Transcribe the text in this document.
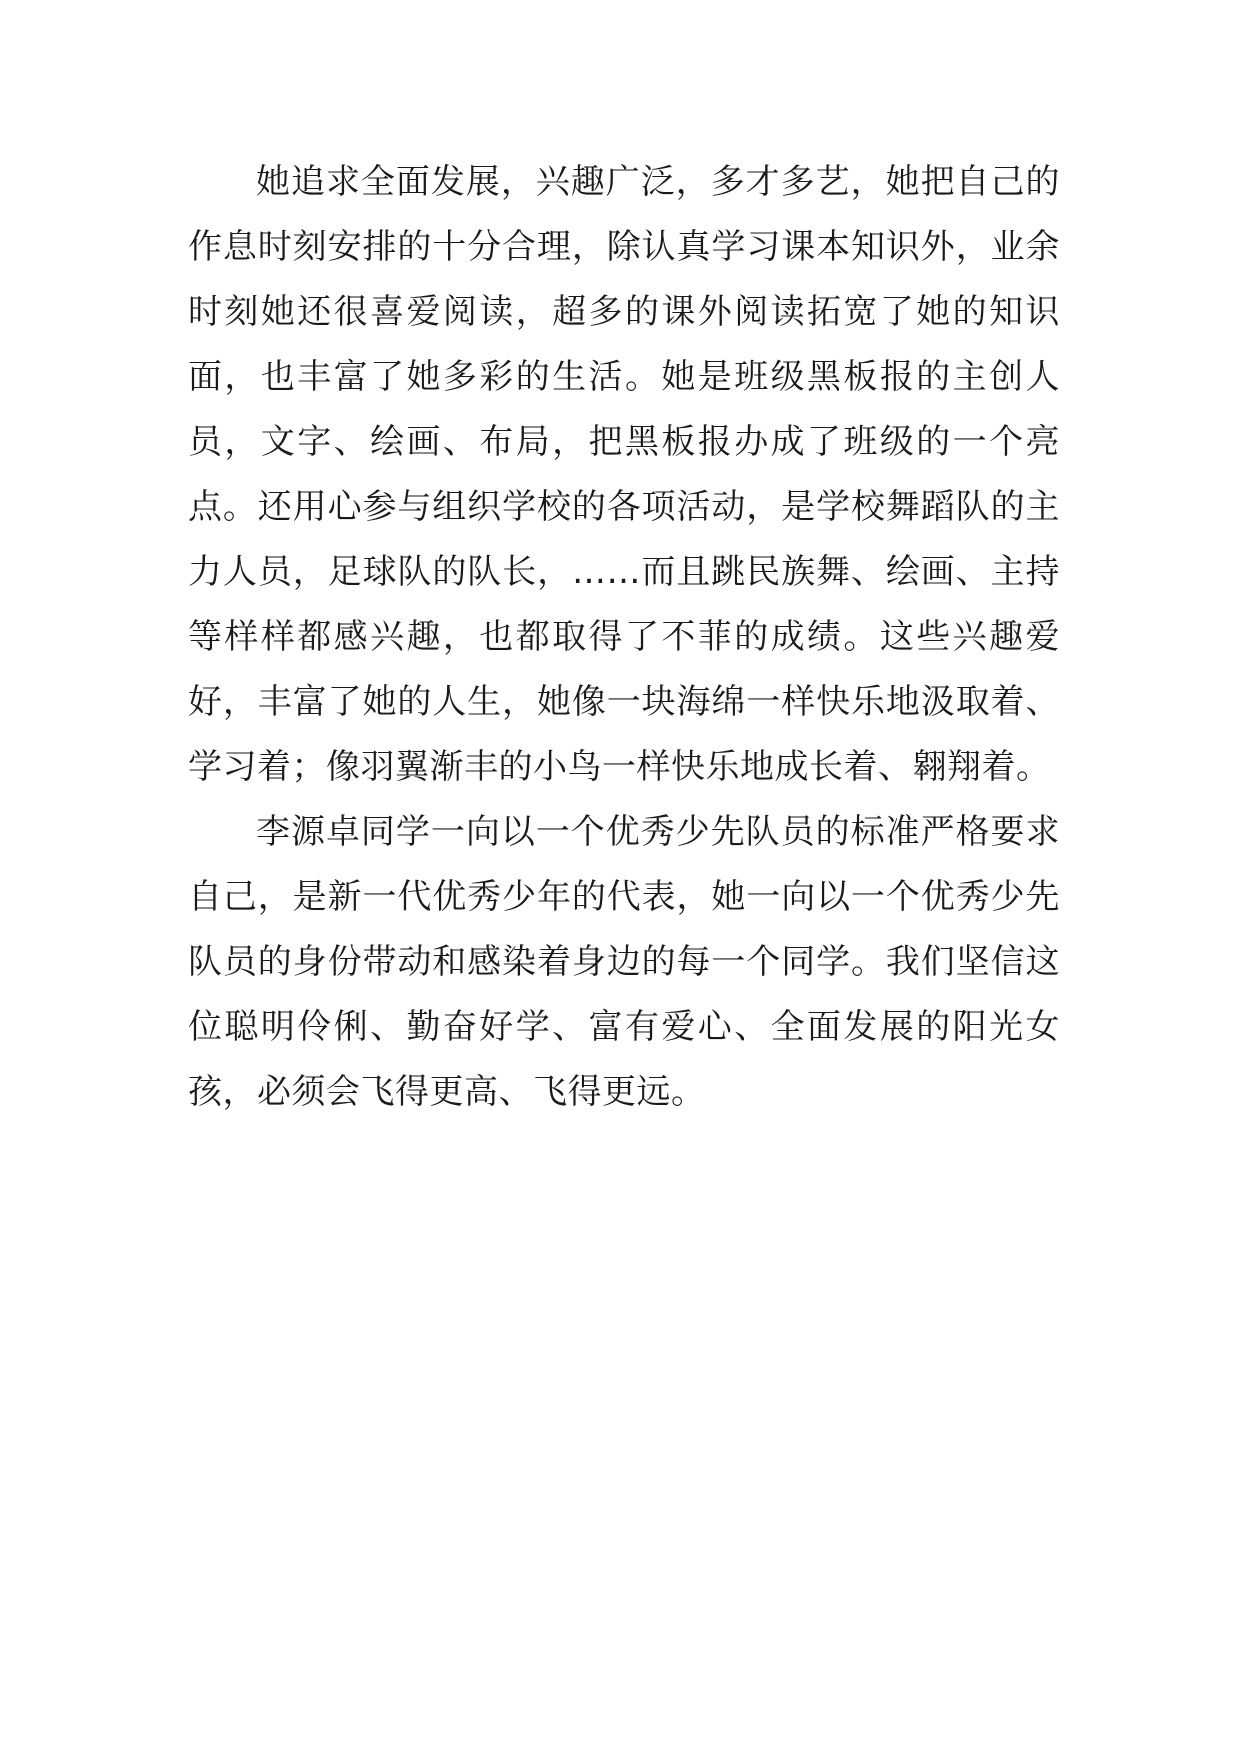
她追求全面发展，兴趣广泛，多才多艺，她把自己的作息时刻安排的十分合理，除认真学习课本知识外，业余时刻她还很喜爱阅读，超多的课外阅读拓宽了她的知识面，也丰富了她多彩的生活。她是班级黑板报的主创人员，文字、绘画、布局，把黑板报办成了班级的一个亮点。还用心参与组织学校的各项活动，是学校舞蹈队的主力人员，足球队的队长，……而且跳民族舞、绘画、主持等样样都感兴趣，也都取得了不菲的成绩。这些兴趣爱好，丰富了她的人生，她像一块海绵一样快乐地汲取着、学习着；像羽翼渐丰的小鸟一样快乐地成长着、翱翔着。

李源卓同学一向以一个优秀少先队员的标准严格要求自己，是新一代优秀少年的代表，她一向以一个优秀少先队员的身份带动和感染着身边的每一个同学。我们坚信这位聪明伶俐、勤奋好学、富有爱心、全面发展的阳光女孩，必须会飞得更高、飞得更远。
